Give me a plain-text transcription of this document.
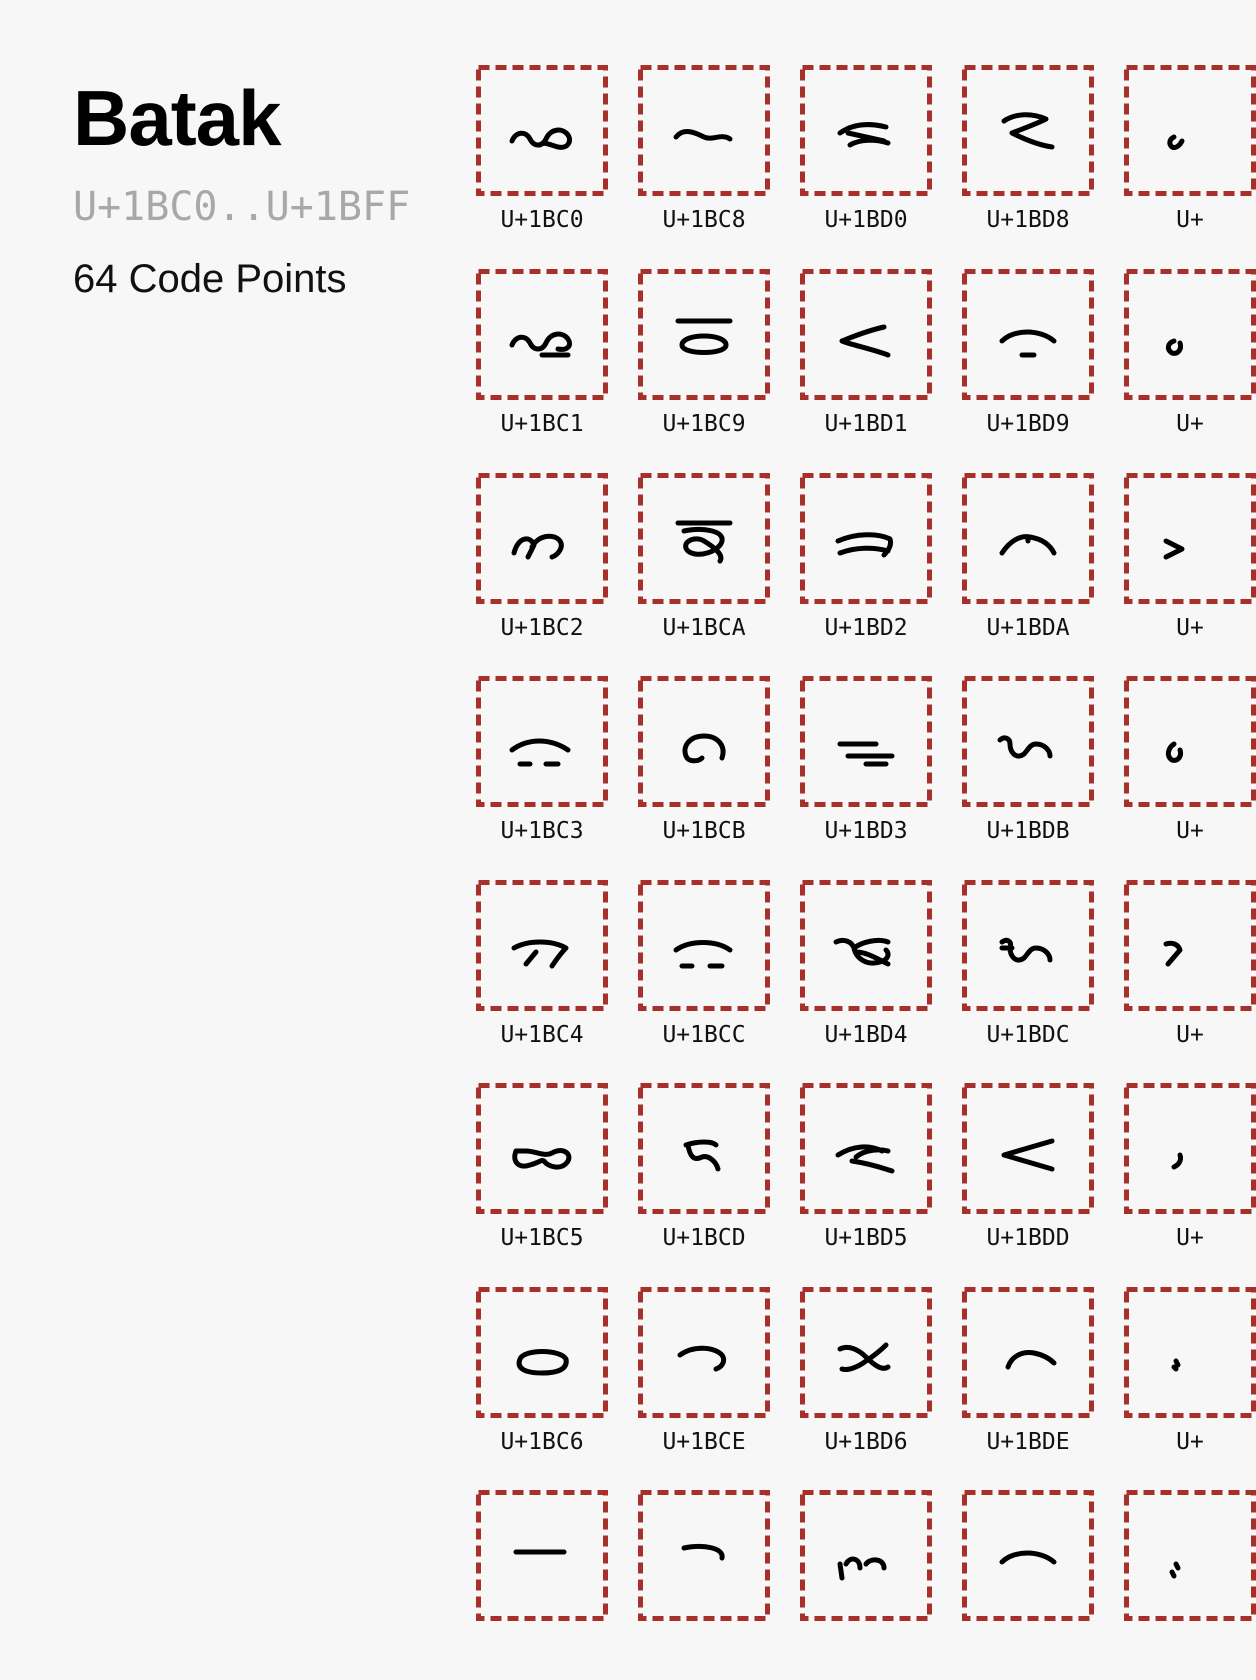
U+1BC0
U+1BC1
U+1BC2
U+1BC3
U+1BC4
U+1BC5
U+1BC6
U+1BC8
U+1BC9
U+1BCA
U+1BCB
U+1BCC
U+1BCD
U+1BCE
U+1BD0
U+1BD1
U+1BD2
U+1BD3
U+1BD4
U+1BD5
U+1BD6
U+1BD8
U+1BD9
U+1BDA
U+1BDB
U+1BDC
U+1BDD
U+1BDE
U+
U+
U+
U+
U+
U+
U+
Batak
U+1BC0..U+1BFF
64 Code Points
